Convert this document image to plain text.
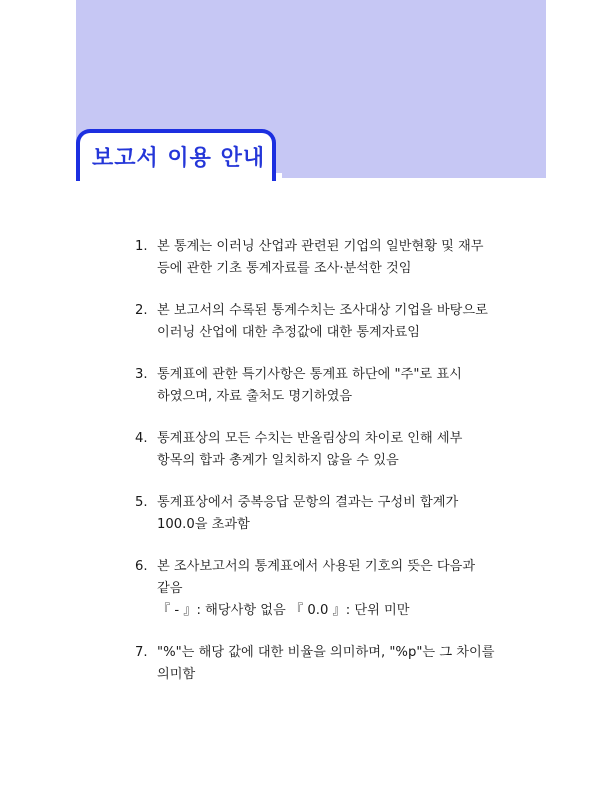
보고서 이용 안내
1. 본 통계는 이러닝 산업과 관련된 기업의 일반현황 및 재무
등에 관한 기초 통계자료를 조사·분석한 것임
2. 본 보고서의 수록된 통계수치는 조사대상 기업을 바탕으로
이러닝 산업에 대한 추정값에 대한 통계자료임
3. 통계표에 관한 특기사항은 통계표 하단에 "주"로 표시
하였으며, 자료 출처도 명기하였음
4. 통계표상의 모든 수치는 반올림상의 차이로 인해 세부
항목의 합과 총계가 일치하지 않을 수 있음
5. 통계표상에서 중복응답 문항의 결과는 구성비 합계가
100.0을 초과함
6. 본 조사보고서의 통계표에서 사용된 기호의 뜻은 다음과
같음
『 - 』: 해당사항 없음 『 0.0 』: 단위 미만
7. "%"는 해당 값에 대한 비율을 의미하며, "%p"는 그 차이를
의미함
